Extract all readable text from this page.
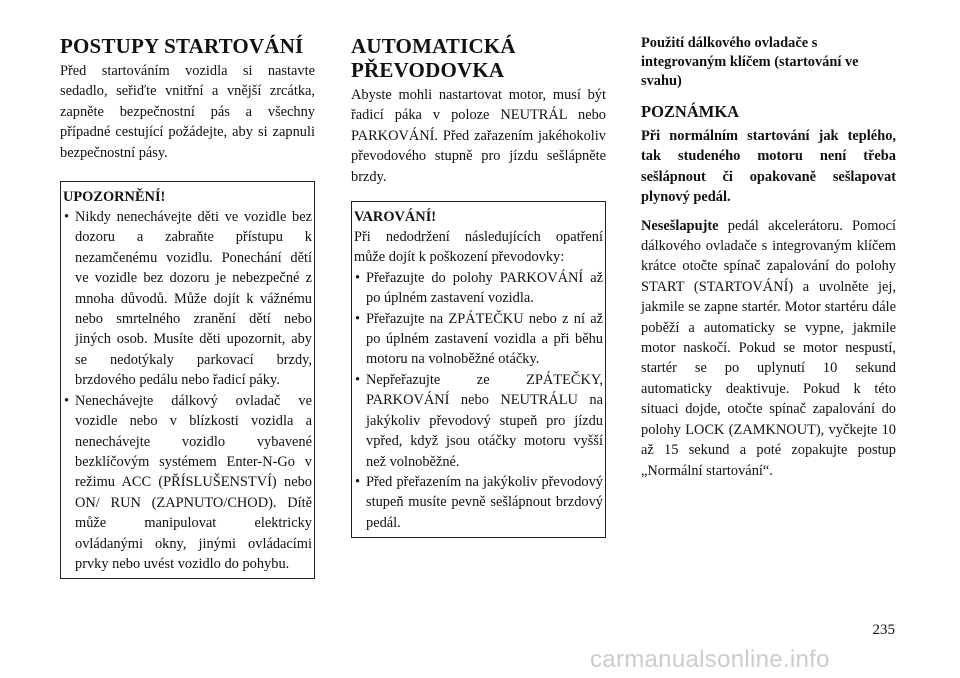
POSTUPY STARTOVÁNÍ

Před startováním vozidla si nastavte sedadlo, seřiďte vnitřní a vnější zrcátka, zapněte bezpečnostní pás a všechny případné cestující požádejte, aby si zapnuli bezpečnostní pásy.

UPOZORNĚNÍ!
• Nikdy nenechávejte děti ve vozidle bez dozoru a zabraňte přístupu k nezamčenému vozidlu. Ponechání dětí ve vozidle bez dozoru je nebezpečné z mnoha důvodů. Může dojít k vážnému nebo smrtelného zranění dětí nebo jiných osob. Musíte děti upozornit, aby se nedotýkaly parkovací brzdy, brzdového pedálu nebo řadicí páky.
• Nenechávejte dálkový ovladač ve vozidle nebo v blízkosti vozidla a nenechávejte vozidlo vybavené bezklíčovým systémem Enter-N-Go v režimu ACC (PŘÍSLUŠENSTVÍ) nebo ON/ RUN (ZAPNUTO/CHOD). Dítě může manipulovat elektricky ovládanými okny, jinými ovládacími prvky nebo uvést vozidlo do pohybu.
AUTOMATICKÁ
PŘEVODOVKA

Abyste mohli nastartovat motor, musí být řadicí páka v poloze NEUTRÁL nebo PARKOVÁNÍ. Před zařazením jakéhokoliv převodového stupně pro jízdu sešlápněte brzdy.

VAROVÁNÍ!

Při nedodržení následujících opatření může dojít k poškození převodovky:

• Přeřazujte do polohy PARKOVÁNÍ až po úplném zastavení vozidla.
• Přeřazujte na ZPÁTEČKU nebo z ní až po úplném zastavení vozidla a při běhu motoru na volnoběžné otáčky.
• Nepřeřazujte ze ZPÁTEČKY, PARKOVÁNÍ nebo NEUTRÁLU na jakýkoliv převodový stupeň pro jízdu vpřed, když jsou otáčky motoru vyšší než volnoběžné.
• Před přeřazením na jakýkoliv převodový stupeň musíte pevně sešlápnout brzdový pedál.

Použití dálkového ovladače s integrovaným klíčem (startování ve svahu)

POZNÁMKA

Při normálním startování jak teplého, tak studeného motoru není třeba sešlápnout či opakovaně sešlapovat plynový pedál.

Nesešlapujte pedál akcelerátoru. Pomocí dálkového ovladače s integrovaným klíčem krátce otočte spínač zapalování do polohy START (STARTOVÁNÍ) a uvolněte jej, jakmile se zapne startér. Motor startéru dále poběží a automaticky se vypne, jakmile motor naskočí. Pokud se motor nespustí, startér se po uplynutí 10 sekund automaticky deaktivuje. Pokud k této situaci dojde, otočte spínač zapalování do polohy LOCK (ZAMKNOUT), vyčkejte 10 až 15 sekund a poté zopakujte postup „Normální startování“.

235
carmanualsonline.info
